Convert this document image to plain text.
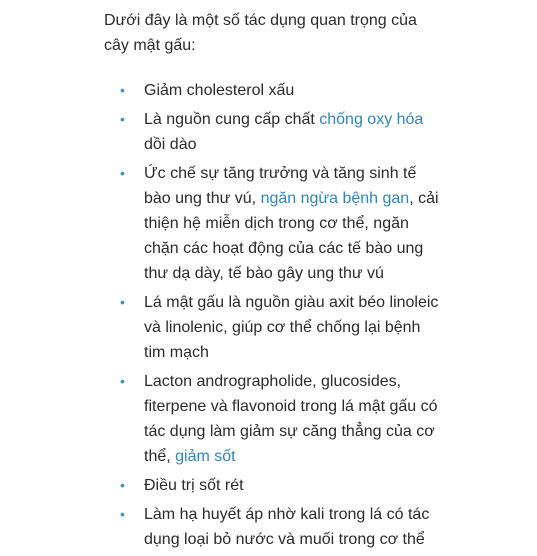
Dưới đây là một số tác dụng quan trọng của cây mật gấu:

•	Giảm cholesterol xấu
•	Là nguồn cung cấp chất chống oxy hóa dồi dào
•	Ức chế sự tăng trưởng và tăng sinh tế bào ung thư vú, ngăn ngừa bệnh gan, cải thiện hệ miễn dịch trong cơ thể, ngăn chặn các hoạt động của các tế bào ung thư dạ dày, tế bào gây ung thư vú
•	Lá mật gấu là nguồn giàu axit béo linoleic và linolenic, giúp cơ thể chống lại bệnh tim mạch
•	Lacton andrographolide, glucosides, fiterpene và flavonoid trong lá mật gấu có tác dụng làm giảm sự căng thẳng của cơ thể, giảm sốt
•	Điều trị sốt rét
•	Làm hạ huyết áp nhờ kali trong lá có tác dụng loại bỏ nước và muối trong cơ thể
